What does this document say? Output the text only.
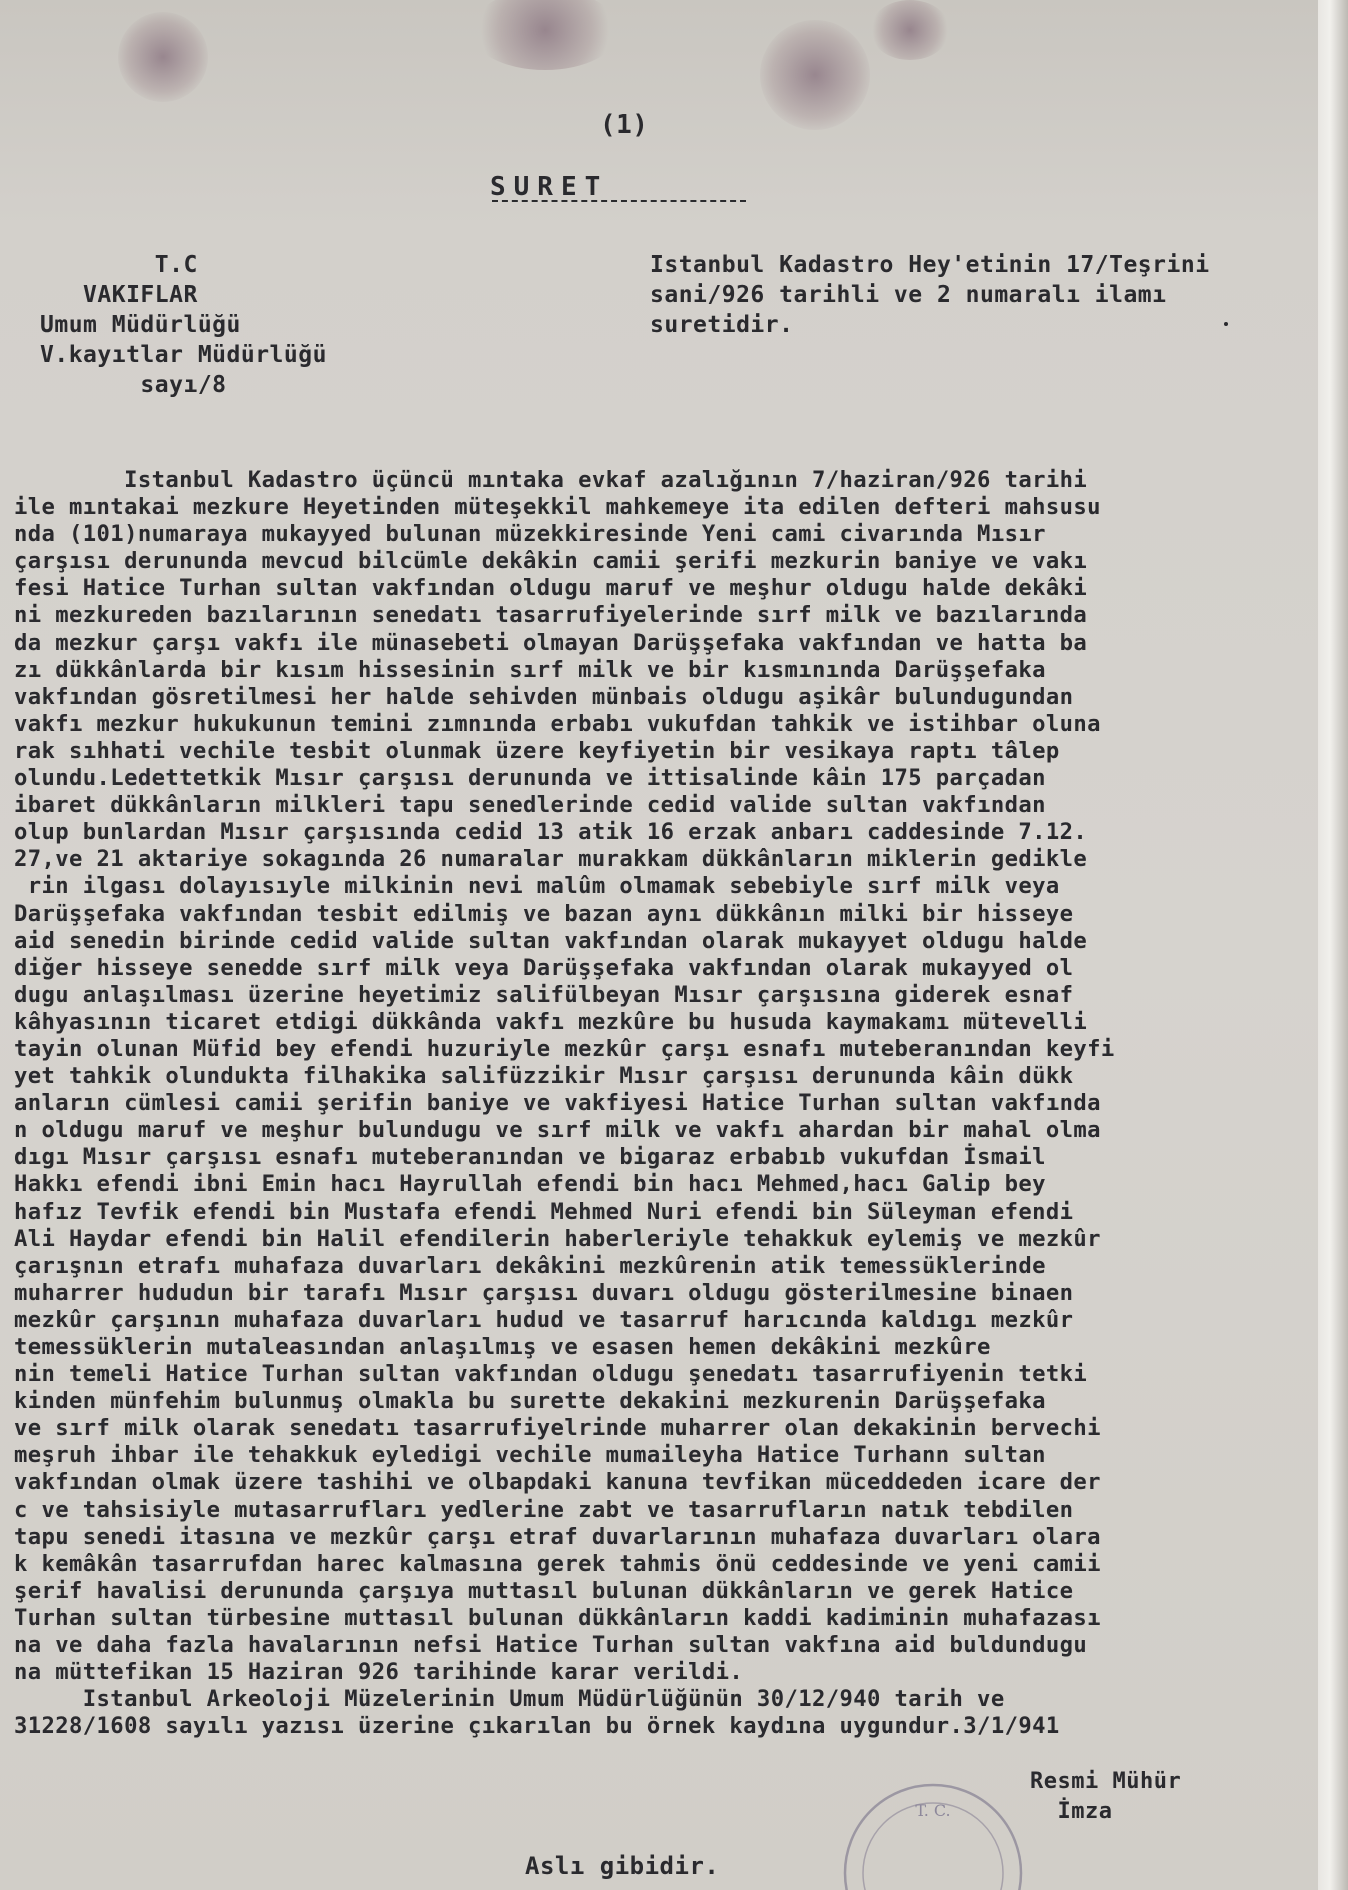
(1)
SURET
T.C
VAKIFLAR
Umum Müdürlüğü
V.kayıtlar Müdürlüğü
sayı/8
Istanbul Kadastro Hey'etinin 17/Teşrini
sani/926 tarihli ve 2 numaralı ilamı
suretidir.
Istanbul Kadastro üçüncü mıntaka evkaf azalığının 7/haziran/926 tarihi
ile mıntakai mezkure Heyetinden müteşekkil mahkemeye ita edilen defteri mahsusu
nda (101)numaraya mukayyed bulunan müzekkiresinde Yeni cami civarında Mısır
çarşısı derununda mevcud bilcümle dekâkin camii şerifi mezkurin baniye ve vakı
fesi Hatice Turhan sultan vakfından oldugu maruf ve meşhur oldugu halde dekâki
ni mezkureden bazılarının senedatı tasarrufiyelerinde sırf milk ve bazılarında
da mezkur çarşı vakfı ile münasebeti olmayan Darüşşefaka vakfından ve hatta ba
zı dükkânlarda bir kısım hissesinin sırf milk ve bir kısmınında Darüşşefaka
vakfından gösretilmesi her halde sehivden münbais oldugu aşikâr bulundugundan
vakfı mezkur hukukunun temini zımnında erbabı vukufdan tahkik ve istihbar oluna
rak sıhhati vechile tesbit olunmak üzere keyfiyetin bir vesikaya raptı tâlep
olundu.Ledettetkik Mısır çarşısı derununda ve ittisalinde kâin 175 parçadan
ibaret dükkânların milkleri tapu senedlerinde cedid valide sultan vakfından
olup bunlardan Mısır çarşısında cedid 13 atik 16 erzak anbarı caddesinde 7.12.
27,ve 21 aktariye sokagında 26 numaralar murakkam dükkânların miklerin gedikle
rin ilgası dolayısıyle milkinin nevi malûm olmamak sebebiyle sırf milk veya
Darüşşefaka vakfından tesbit edilmiş ve bazan aynı dükkânın milki bir hisseye
aid senedin birinde cedid valide sultan vakfından olarak mukayyet oldugu halde
diğer hisseye senedde sırf milk veya Darüşşefaka vakfından olarak mukayyed ol
dugu anlaşılması üzerine heyetimiz salifülbeyan Mısır çarşısına giderek esnaf
kâhyasının ticaret etdigi dükkânda vakfı mezkûre bu husuda kaymakamı mütevelli
tayin olunan Müfid bey efendi huzuriyle mezkûr çarşı esnafı muteberanından keyfi
yet tahkik olundukta filhakika salifüzzikir Mısır çarşısı derununda kâin dükk
anların cümlesi camii şerifin baniye ve vakfiyesi Hatice Turhan sultan vakfında
n oldugu maruf ve meşhur bulundugu ve sırf milk ve vakfı ahardan bir mahal olma
dıgı Mısır çarşısı esnafı muteberanından ve bigaraz erbabıb vukufdan İsmail
Hakkı efendi ibni Emin hacı Hayrullah efendi bin hacı Mehmed,hacı Galip bey
hafız Tevfik efendi bin Mustafa efendi Mehmed Nuri efendi bin Süleyman efendi
Ali Haydar efendi bin Halil efendilerin haberleriyle tehakkuk eylemiş ve mezkûr
çarışnın etrafı muhafaza duvarları dekâkini mezkûrenin atik temessüklerinde
muharrer hududun bir tarafı Mısır çarşısı duvarı oldugu gösterilmesine binaen
mezkûr çarşının muhafaza duvarları hudud ve tasarruf harıcında kaldıgı mezkûr
temessüklerin mutaleasından anlaşılmış ve esasen hemen dekâkini mezkûre
nin temeli Hatice Turhan sultan vakfından oldugu şenedatı tasarrufiyenin tetki
kinden münfehim bulunmuş olmakla bu surette dekakini mezkurenin Darüşşefaka
ve sırf milk olarak senedatı tasarrufiyelrinde muharrer olan dekakinin bervechi
meşruh ihbar ile tehakkuk eyledigi vechile mumaileyha Hatice Turhann sultan
vakfından olmak üzere tashihi ve olbapdaki kanuna tevfikan müceddeden icare der
c ve tahsisiyle mutasarrufları yedlerine zabt ve tasarrufların natık tebdilen
tapu senedi itasına ve mezkûr çarşı etraf duvarlarının muhafaza duvarları olara
k kemâkân tasarrufdan harec kalmasına gerek tahmis önü ceddesinde ve yeni camii
şerif havalisi derununda çarşıya muttasıl bulunan dükkânların ve gerek Hatice
Turhan sultan türbesine muttasıl bulunan dükkânların kaddi kadiminin muhafazası
na ve daha fazla havalarının nefsi Hatice Turhan sultan vakfına aid buldundugu
na müttefikan 15 Haziran 926 tarihinde karar verildi.
Istanbul Arkeoloji Müzelerinin Umum Müdürlüğünün 30/12/940 tarih ve
31228/1608 sayılı yazısı üzerine çıkarılan bu örnek kaydına uygundur.3/1/941
T. C.
Resmi Mühür
İmza
Aslı gibidir.
